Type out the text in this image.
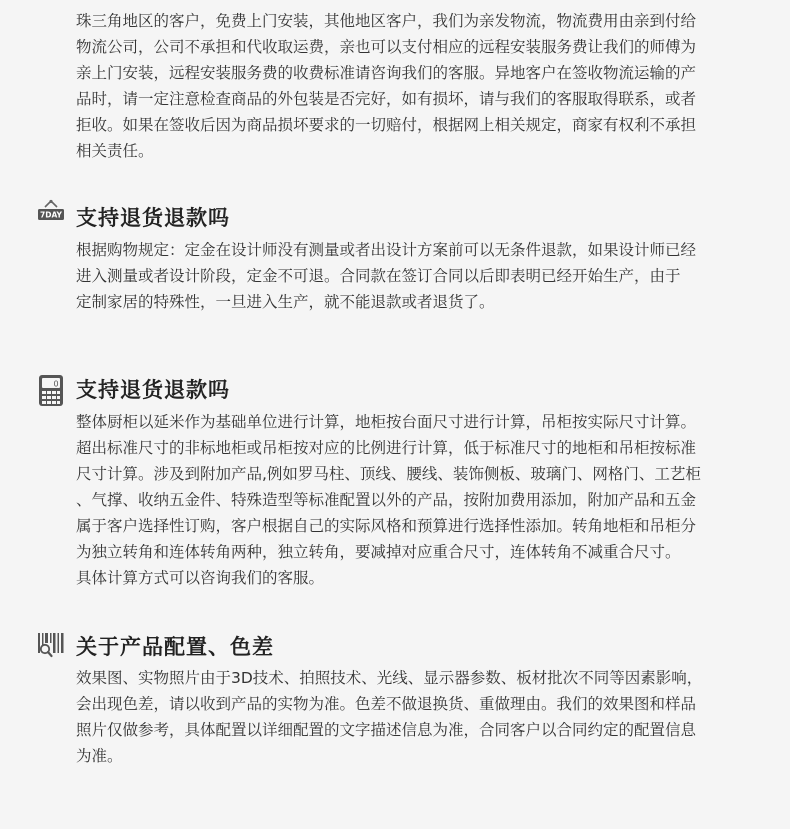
珠三角地区的客户，免费上门安装，其他地区客户，我们为亲发物流，物流费用由亲到付给
物流公司，公司不承担和代收取运费，亲也可以支付相应的远程安装服务费让我们的师傅为
亲上门安装，远程安装服务费的收费标准请咨询我们的客服。异地客户在签收物流运输的产
品时，请一定注意检查商品的外包装是否完好，如有损坏，请与我们的客服取得联系，或者
拒收。如果在签收后因为商品损坏要求的一切赔付，根据网上相关规定，商家有权利不承担
相关责任。
7DAY 支持退货退款吗
根据购物规定：定金在设计师没有测量或者出设计方案前可以无条件退款，如果设计师已经
进入测量或者设计阶段，定金不可退。合同款在签订合同以后即表明已经开始生产，由于
定制家居的特殊性，一旦进入生产，就不能退款或者退货了。
0 支持退货退款吗
整体厨柜以延米作为基础单位进行计算，地柜按台面尺寸进行计算，吊柜按实际尺寸计算。
超出标准尺寸的非标地柜或吊柜按对应的比例进行计算，低于标准尺寸的地柜和吊柜按标准
尺寸计算。涉及到附加产品,例如罗马柱、顶线、腰线、装饰侧板、玻璃门、网格门、工艺柜
、气撑、收纳五金件、特殊造型等标准配置以外的产品，按附加费用添加，附加产品和五金
属于客户选择性订购，客户根据自己的实际风格和预算进行选择性添加。转角地柜和吊柜分
为独立转角和连体转角两种，独立转角，要减掉对应重合尺寸，连体转角不减重合尺寸。
具体计算方式可以咨询我们的客服。
关于产品配置、色差
效果图、实物照片由于3D技术、拍照技术、光线、显示器参数、板材批次不同等因素影响，
会出现色差，请以收到产品的实物为准。色差不做退换货、重做理由。我们的效果图和样品
照片仅做参考，具体配置以详细配置的文字描述信息为准，合同客户以合同约定的配置信息
为准。
